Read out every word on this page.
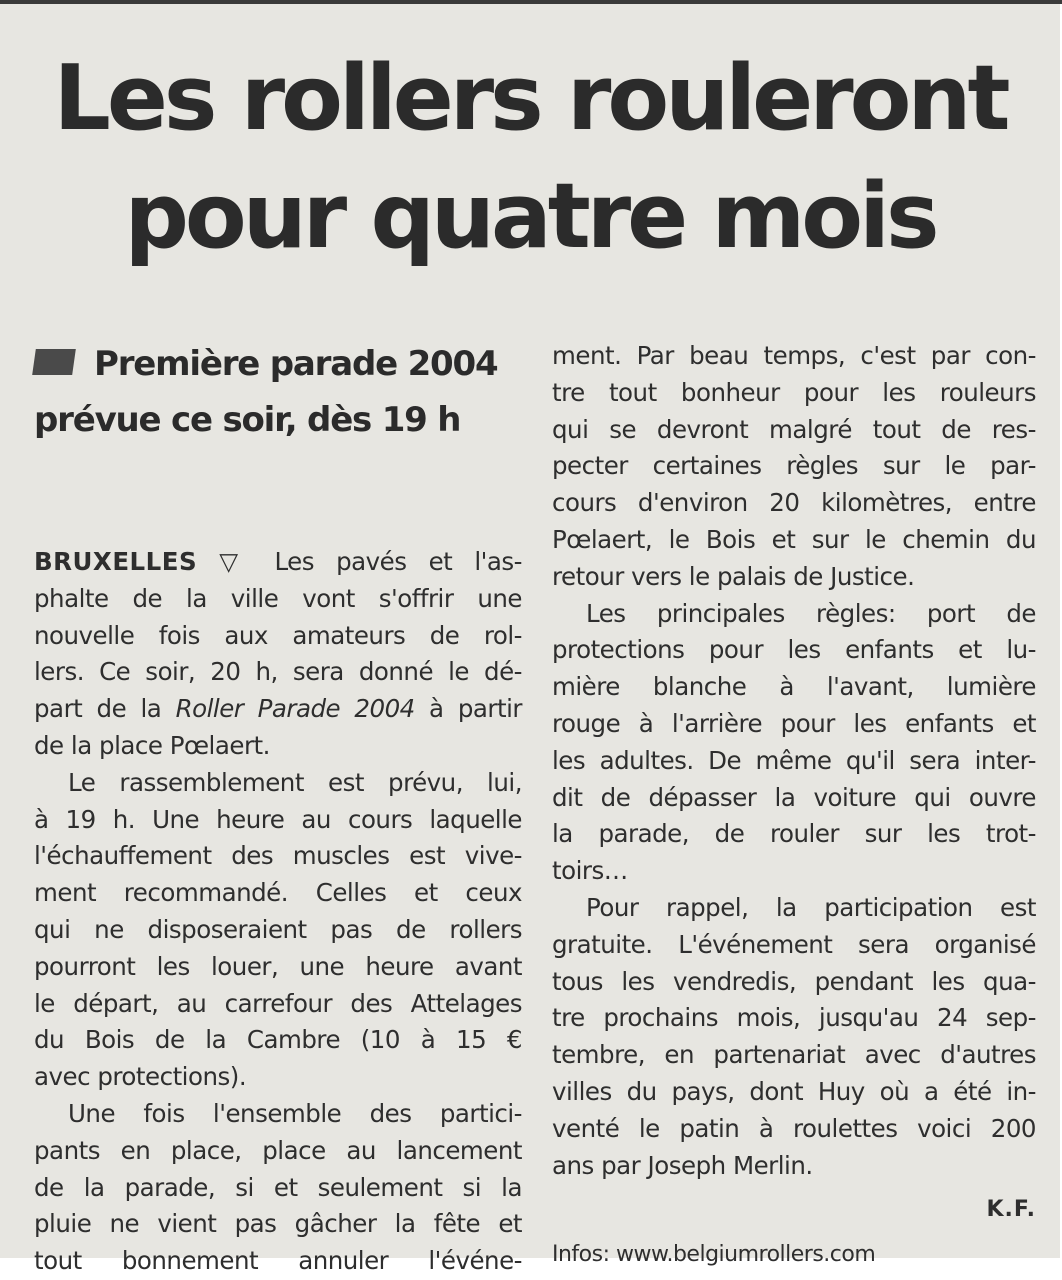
Les rollers rouleront
pour quatre mois
Première parade 2004
prévue ce soir, dès 19 h

BRUXELLES ▽ Les pavés et l'as-
phalte de la ville vont s'offrir une
nouvelle fois aux amateurs de rol-
lers. Ce soir, 20 h, sera donné le dé-
part de la Roller Parade 2004 à partir
de la place Pœlaert.

Le rassemblement est prévu, lui,
à 19 h. Une heure au cours laquelle
l'échauffement des muscles est vive-
ment recommandé. Celles et ceux
qui ne disposeraient pas de rollers
pourront les louer, une heure avant
le départ, au carrefour des Attelages
du Bois de la Cambre (10 à 15 €
avec protections).

Une fois l'ensemble des partici-
pants en place, place au lancement
de la parade, si et seulement si la
pluie ne vient pas gâcher la fête et
tout bonnement annuler l'événe-

ment. Par beau temps, c'est par con-
tre tout bonheur pour les rouleurs
qui se devront malgré tout de res-
pecter certaines règles sur le par-
cours d'environ 20 kilomètres, entre
Pœlaert, le Bois et sur le chemin du
retour vers le palais de Justice.

Les principales règles: port de
protections pour les enfants et lu-
mière blanche à l'avant, lumière
rouge à l'arrière pour les enfants et
les adultes. De même qu'il sera inter-
dit de dépasser la voiture qui ouvre
la parade, de rouler sur les trot-
toirs…

Pour rappel, la participation est
gratuite. L'événement sera organisé
tous les vendredis, pendant les qua-
tre prochains mois, jusqu'au 24 sep-
tembre, en partenariat avec d'autres
villes du pays, dont Huy où a été in-
venté le patin à roulettes voici 200
ans par Joseph Merlin.

K.F.

Infos: www.belgiumrollers.com
